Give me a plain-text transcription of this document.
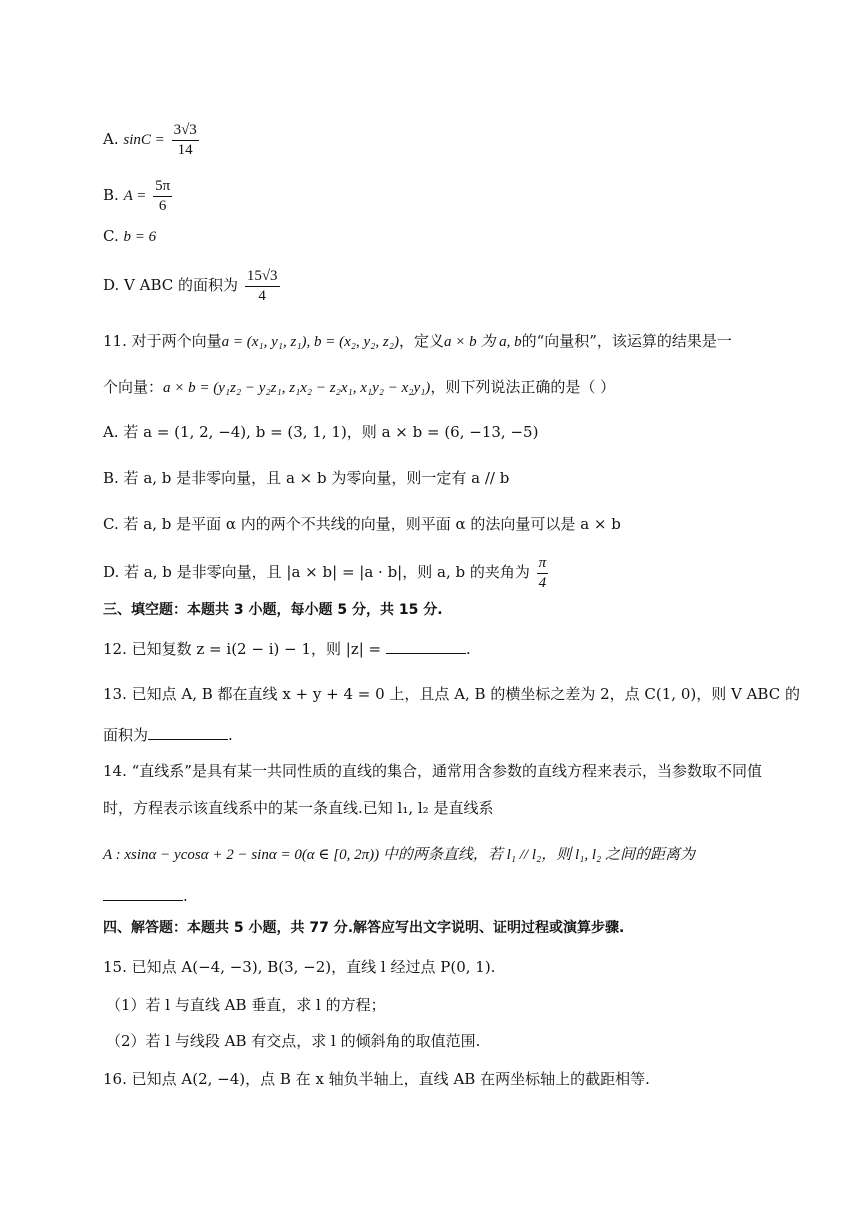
A. $\sin C = \frac{3√3}{14}$
B. $A = \frac{5\pi}{6}$
C. b = 6
D. V ABC 的面积为 $\frac{15√3}{4}$
11. 对于两个向量a = (x₁, y₁, z₁), b = (x₂, y₂, z₂)，定义a × b 为 a, b的“向量积”，该运算的结果是一
个向量：a × b = (y₁z₂ − y₂z₁, z₁x₂ − z₂x₁, x₁y₂ − x₂y₁)，则下列说法正确的是（ ）
A. 若 a = (1, 2, −4), b = (3, 1, 1)，则 a × b = (6, −13, −5)
B. 若 a, b 是非零向量，且 a × b 为零向量，则一定有 a // b
C. 若 a, b 是平面 α 内的两个不共线的向量，则平面 α 的法向量可以是 a × b
D. 若 a, b 是非零向量，且 |a × b| = |a · b|，则 a, b 的夹角为 $\frac{\pi}{4}$
三、填空题：本题共 3 小题，每小题 5 分，共 15 分.
12. 已知复数 z = i(2 − i) − 1，则 |z| =	.
13. 已知点 A, B 都在直线 x + y + 4 = 0 上，且点 A, B 的横坐标之差为 2，点 C(1, 0)，则 V ABC 的
面积为	.
14. “直线系”是具有某一共同性质的直线的集合，通常用含参数的直线方程来表示，当参数取不同值
时，方程表示该直线系中的某一条直线.已知 l₁, l₂ 是直线系
A : xsinα − ycosα + 2 − sinα = 0(α ∈ [0, 2π)) 中的两条直线，若 l₁ // l₂，则 l₁, l₂ 之间的距离为
.
四、解答题：本题共 5 小题，共 77 分.解答应写出文字说明、证明过程或演算步骤.
15. 已知点 A(−4, −3), B(3, −2)，直线 l 经过点 P(0, 1).
（1）若 l 与直线 AB 垂直，求 l 的方程；
（2）若 l 与线段 AB 有交点，求 l 的倾斜角的取值范围.
16. 已知点 A(2, −4)，点 B 在 x 轴负半轴上，直线 AB 在两坐标轴上的截距相等.
